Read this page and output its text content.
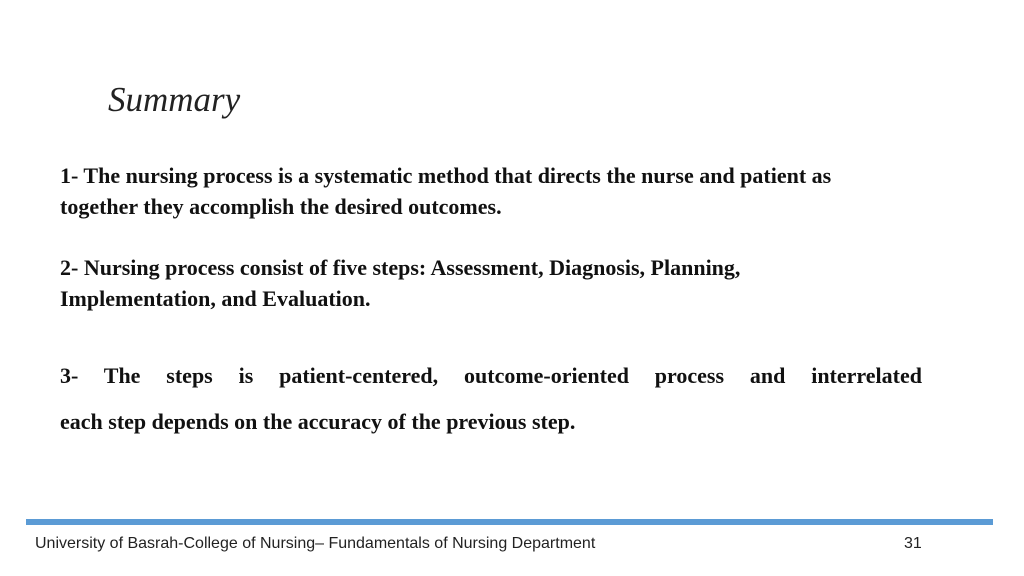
Summary

1- The nursing process is a systematic method that directs the nurse and patient as together they accomplish the desired outcomes.

2- Nursing process consist of five steps: Assessment, Diagnosis, Planning, Implementation, and Evaluation.

3- The steps is patient-centered, outcome-oriented process and interrelated
each step depends on the accuracy of the previous step.

University of Basrah-College of Nursing– Fundamentals of Nursing Department	31
